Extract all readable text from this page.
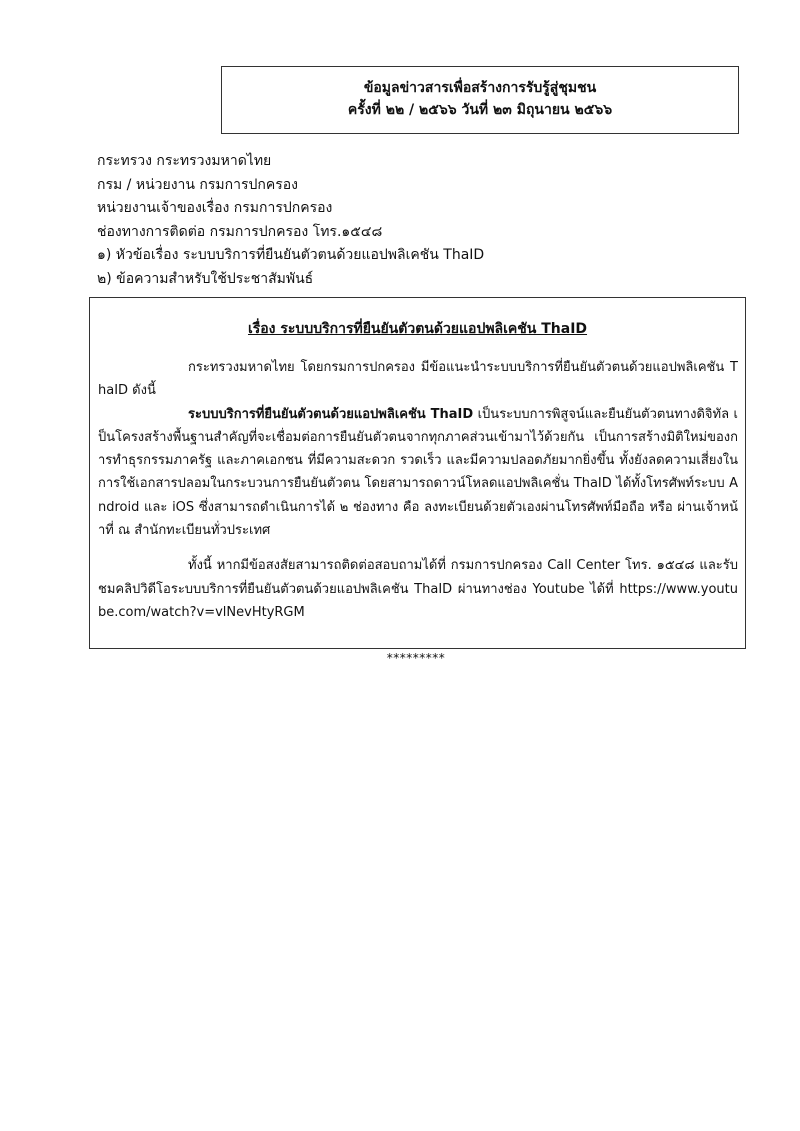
ข้อมูลข่าวสารเพื่อสร้างการรับรู้สู่ชุมชน
ครั้งที่ ๒๒ / ๒๕๖๖ วันที่ ๒๓ มิถุนายน ๒๕๖๖
กระทรวง กระทรวงมหาดไทย
กรม / หน่วยงาน กรมการปกครอง
หน่วยงานเจ้าของเรื่อง กรมการปกครอง
ช่องทางการติดต่อ กรมการปกครอง โทร.๑๕๔๘
๑) หัวข้อเรื่อง ระบบบริการที่ยืนยันตัวตนด้วยแอปพลิเคชัน ThaID
๒) ข้อความสำหรับใช้ประชาสัมพันธ์
เรื่อง ระบบบริการที่ยืนยันตัวตนด้วยแอปพลิเคชัน ThaID

กระทรวงมหาดไทย โดยกรมการปกครอง มีข้อแนะนำระบบบริการที่ยืนยันตัวตนด้วยแอปพลิเคชัน ThaID ดังนี้

ระบบบริการที่ยืนยันตัวตนด้วยแอปพลิเคชัน ThaID เป็นระบบการพิสูจน์และยืนยันตัวตนทางดิจิทัล เป็นโครงสร้างพื้นฐานสำคัญที่จะเชื่อมต่อการยืนยันตัวตนจากทุกภาคส่วนเข้ามาไว้ด้วยกัน เป็นการสร้างมิติใหม่ของการทำธุรกรรมภาครัฐ และภาคเอกชน ที่มีความสะดวก รวดเร็ว และมีความปลอดภัยมากยิ่งขึ้น ทั้งยังลดความเสี่ยงในการใช้เอกสารปลอมในกระบวนการยืนยันตัวตน โดยสามารถดาวน์โหลดแอปพลิเคชั่น ThaID ได้ทั้งโทรศัพท์ระบบ Android และ iOS ซึ่งสามารถดำเนินการได้ ๒ ช่องทาง คือ ลงทะเบียนด้วยตัวเองผ่านโทรศัพท์มือถือ หรือ ผ่านเจ้าหน้าที่ ณ สำนักทะเบียนทั่วประเทศ

ทั้งนี้ หากมีข้อสงสัยสามารถติดต่อสอบถามได้ที่ กรมการปกครอง Call Center โทร. ๑๕๔๘ และรับชมคลิปวิดีโอระบบบริการที่ยืนยันตัวตนด้วยแอปพลิเคชัน ThaID ผ่านทางช่อง Youtube ได้ที่ https://www.youtube.com/watch?v=vlNevHtyRGM

*********
